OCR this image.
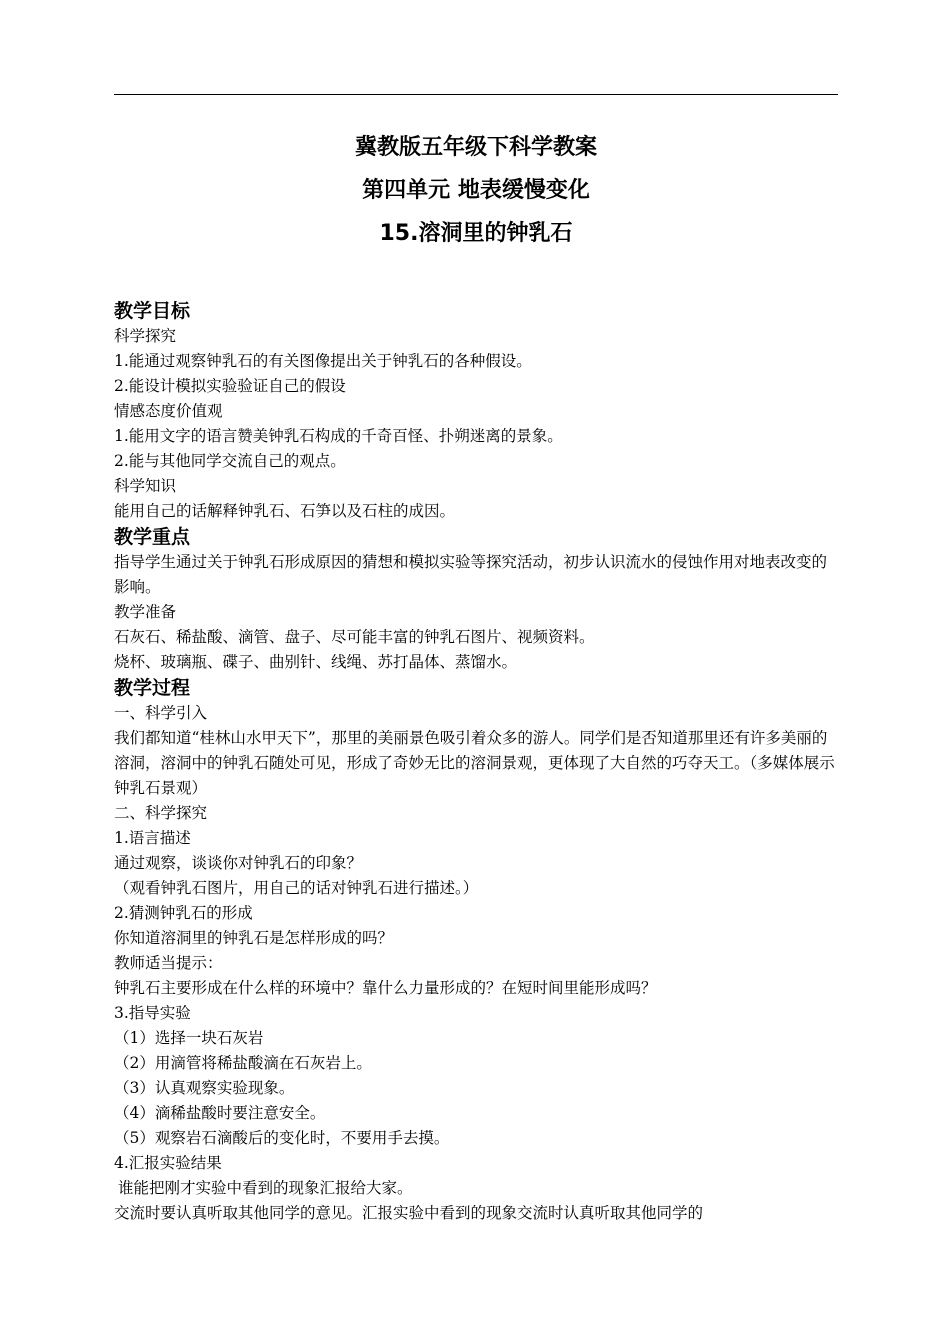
冀教版五年级下科学教案

第四单元 地表缓慢变化

15.溶洞里的钟乳石

教学目标

科学探究

1.能通过观察钟乳石的有关图像提出关于钟乳石的各种假设。

2.能设计模拟实验验证自己的假设

情感态度价值观

1.能用文字的语言赞美钟乳石构成的千奇百怪、扑朔迷离的景象。

2.能与其他同学交流自己的观点。

科学知识

能用自己的话解释钟乳石、石笋以及石柱的成因。

教学重点

指导学生通过关于钟乳石形成原因的猜想和模拟实验等探究活动，初步认识流水的侵蚀作用对地表改变的影响。

教学准备

石灰石、稀盐酸、滴管、盘子、尽可能丰富的钟乳石图片、视频资料。

烧杯、玻璃瓶、碟子、曲别针、线绳、苏打晶体、蒸馏水。

教学过程

一、科学引入

我们都知道“桂林山水甲天下”，那里的美丽景色吸引着众多的游人。同学们是否知道那里还有许多美丽的溶洞，溶洞中的钟乳石随处可见，形成了奇妙无比的溶洞景观，更体现了大自然的巧夺天工。（多媒体展示钟乳石景观）

二、科学探究

1.语言描述

通过观察，谈谈你对钟乳石的印象？

（观看钟乳石图片，用自己的话对钟乳石进行描述。）

2.猜测钟乳石的形成

你知道溶洞里的钟乳石是怎样形成的吗？

教师适当提示：

钟乳石主要形成在什么样的环境中？靠什么力量形成的？在短时间里能形成吗？

3.指导实验

（1）选择一块石灰岩

（2）用滴管将稀盐酸滴在石灰岩上。

（3）认真观察实验现象。

（4）滴稀盐酸时要注意安全。

（5）观察岩石滴酸后的变化时，不要用手去摸。

4.汇报实验结果

谁能把刚才实验中看到的现象汇报给大家。

交流时要认真听取其他同学的意见。汇报实验中看到的现象交流时认真听取其他同学的
